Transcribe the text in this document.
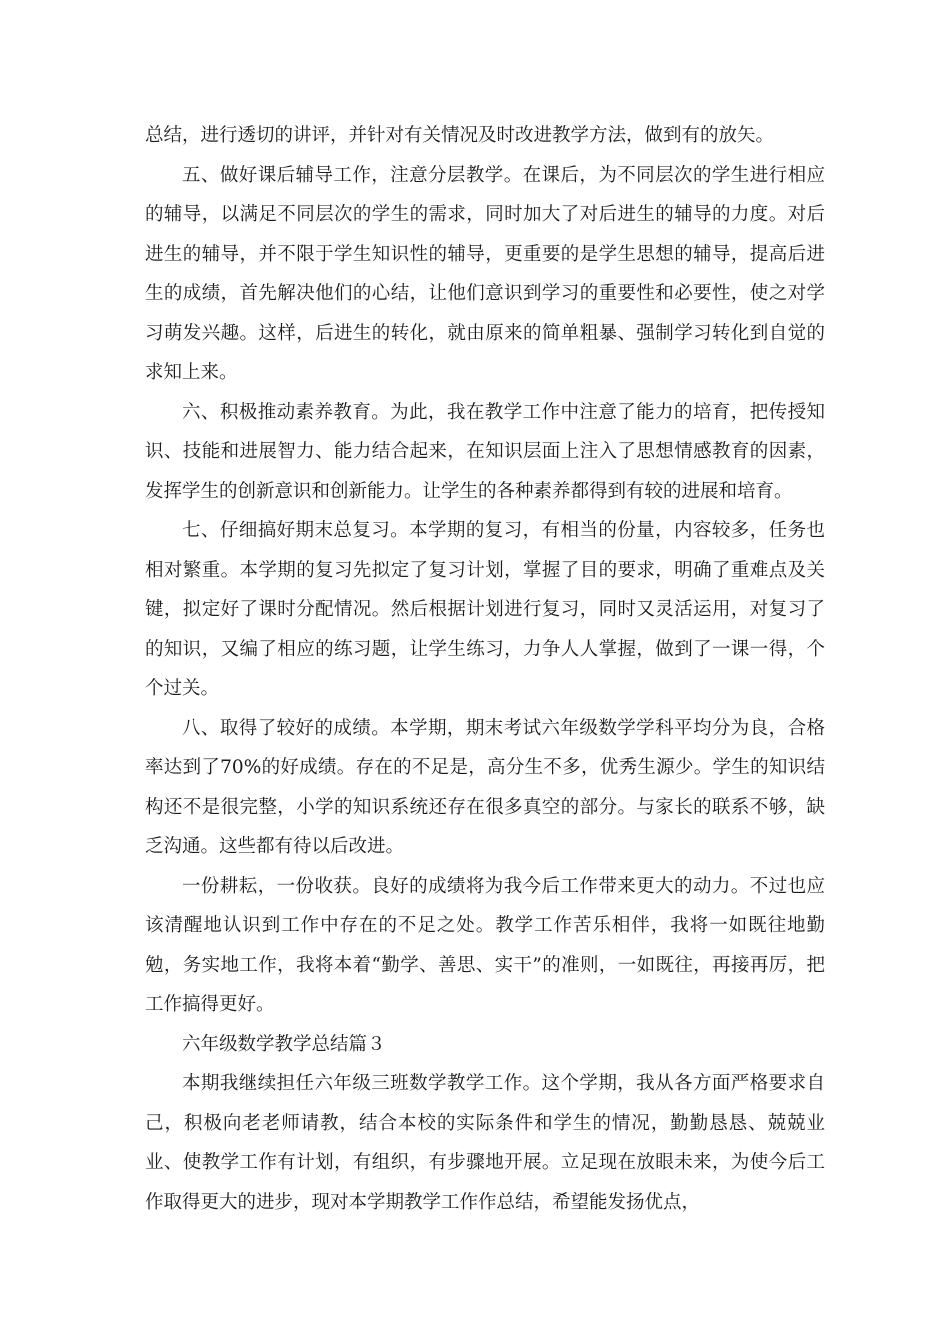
总结，进行透切的讲评，并针对有关情况及时改进教学方法，做到有的放矢。

五、做好课后辅导工作，注意分层教学。在课后，为不同层次的学生进行相应的辅导，以满足不同层次的学生的需求，同时加大了对后进生的辅导的力度。对后进生的辅导，并不限于学生知识性的辅导，更重要的是学生思想的辅导，提高后进生的成绩，首先解决他们的心结，让他们意识到学习的重要性和必要性，使之对学习萌发兴趣。这样，后进生的转化，就由原来的简单粗暴、强制学习转化到自觉的求知上来。

六、积极推动素养教育。为此，我在教学工作中注意了能力的培育，把传授知识、技能和进展智力、能力结合起来，在知识层面上注入了思想情感教育的因素，发挥学生的创新意识和创新能力。让学生的各种素养都得到有较的进展和培育。

七、仔细搞好期末总复习。本学期的复习，有相当的份量，内容较多，任务也相对繁重。本学期的复习先拟定了复习计划，掌握了目的要求，明确了重难点及关键，拟定好了课时分配情况。然后根据计划进行复习，同时又灵活运用，对复习了的知识，又编了相应的练习题，让学生练习，力争人人掌握，做到了一课一得，个个过关。

八、取得了较好的成绩。本学期，期末考试六年级数学学科平均分为良，合格率达到了70%的好成绩。存在的不足是，高分生不多，优秀生源少。学生的知识结构还不是很完整，小学的知识系统还存在很多真空的部分。与家长的联系不够，缺乏沟通。这些都有待以后改进。

一份耕耘，一份收获。良好的成绩将为我今后工作带来更大的动力。不过也应该清醒地认识到工作中存在的不足之处。教学工作苦乐相伴，我将一如既往地勤勉，务实地工作，我将本着“勤学、善思、实干”的准则，一如既往，再接再厉，把工作搞得更好。

六年级数学教学总结篇３

本期我继续担任六年级三班数学教学工作。这个学期，我从各方面严格要求自己，积极向老老师请教，结合本校的实际条件和学生的情况，勤勤恳恳、兢兢业业、使教学工作有计划，有组织，有步骤地开展。立足现在放眼未来，为使今后工作取得更大的进步，现对本学期教学工作作总结，希望能发扬优点，
